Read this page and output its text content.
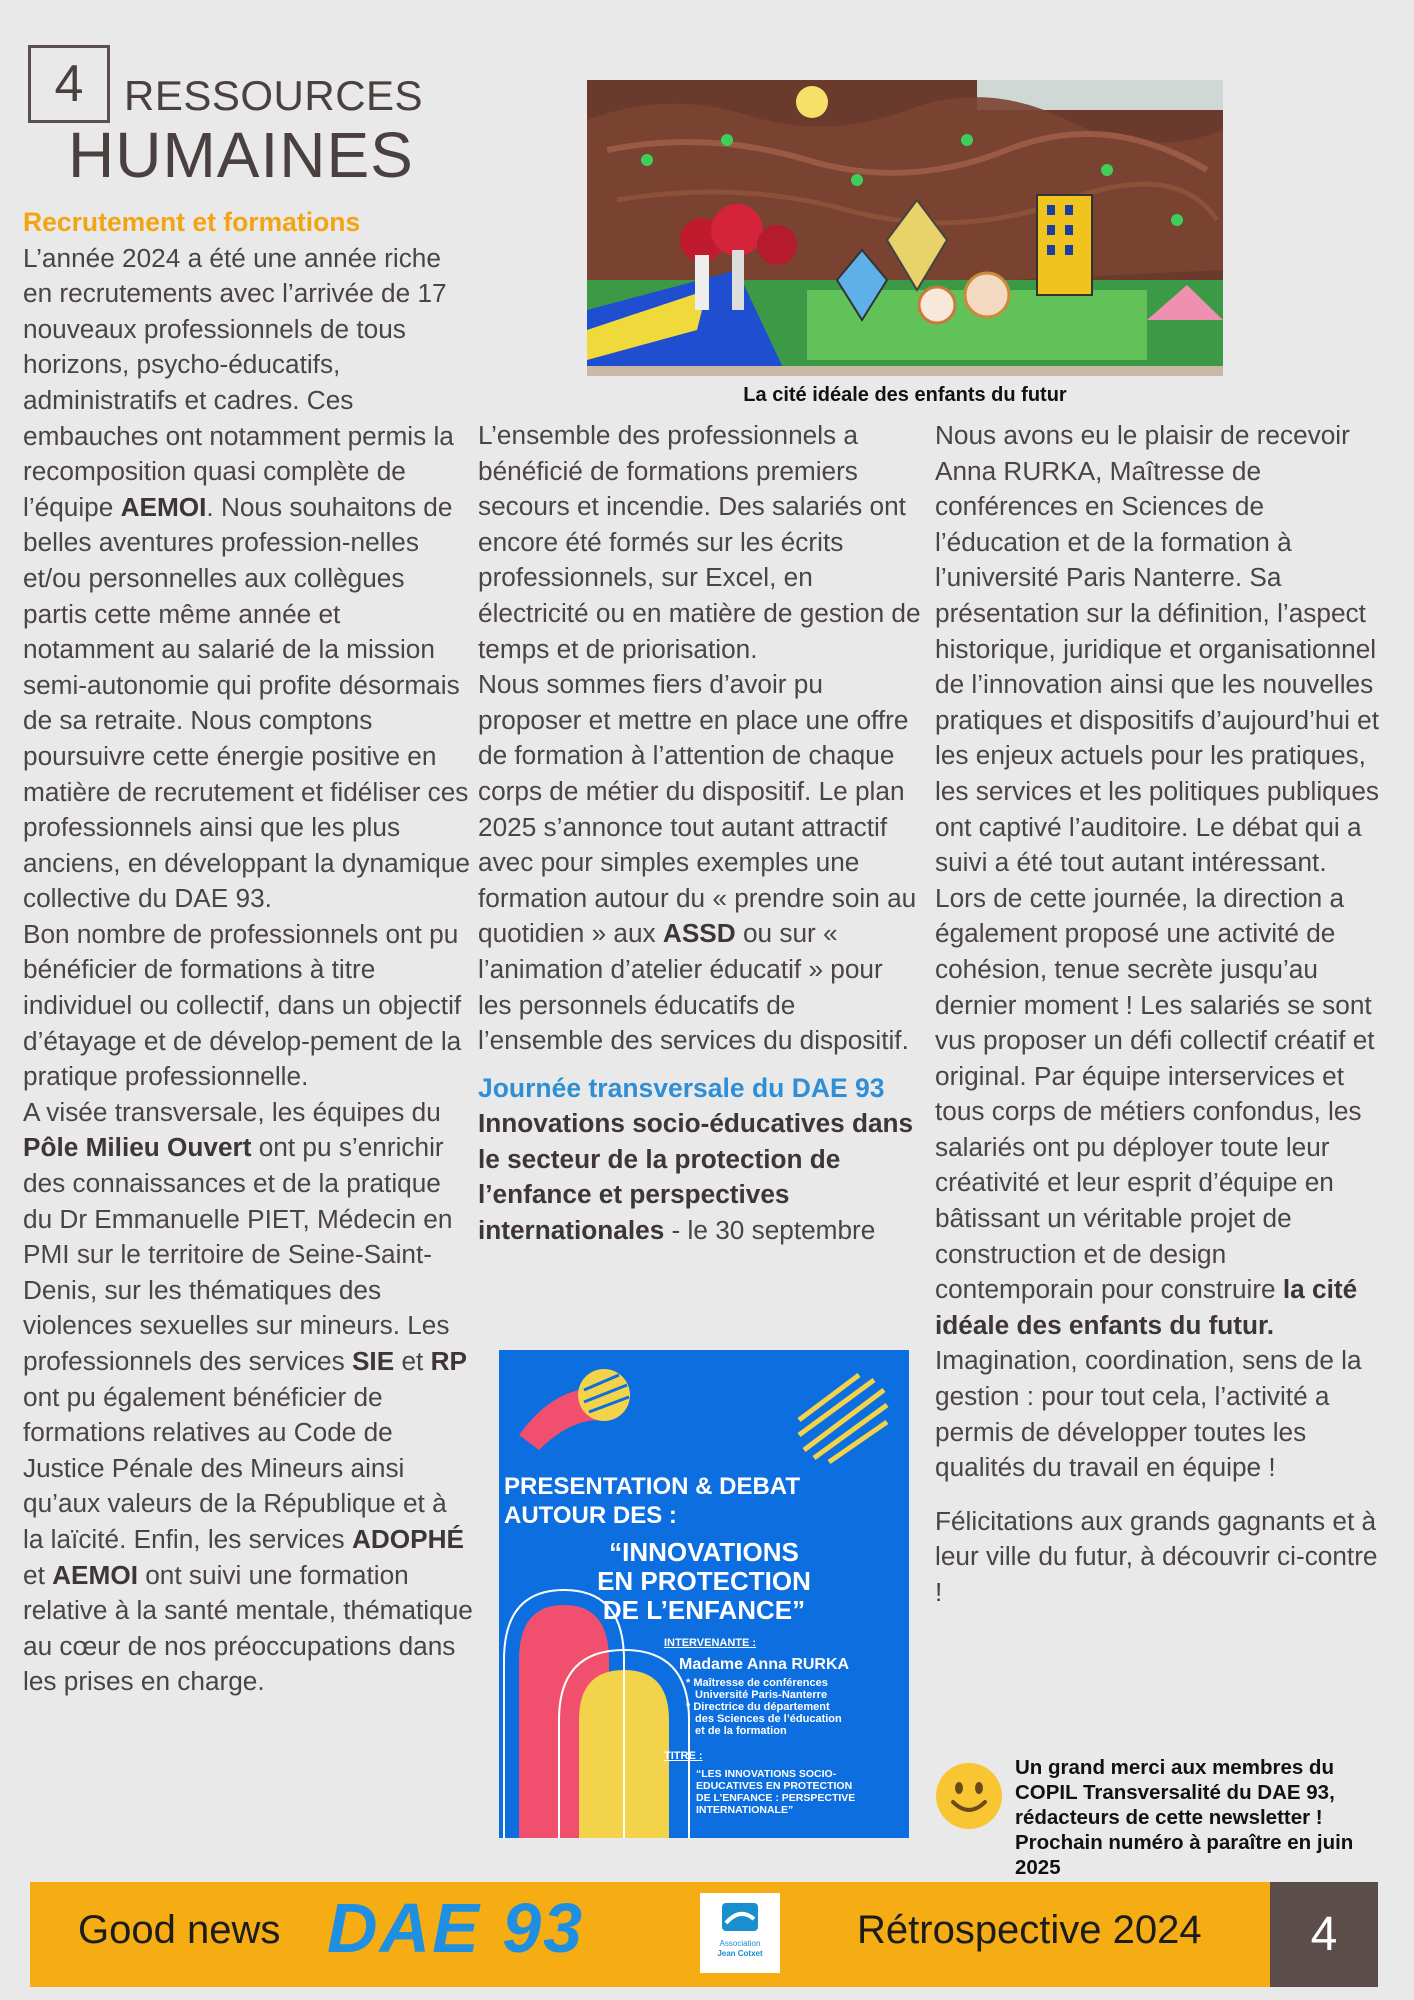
4 RESSOURCES
HUMAINES
Recrutement et formations
L’année 2024 a été une année riche en recrutements avec l’arrivée de 17 nouveaux professionnels de tous horizons, psycho-éducatifs, administratifs et cadres. Ces embauches ont notamment permis la recomposition quasi complète de l’équipe AEMOI. Nous souhaitons de belles aventures profession-nelles et/ou personnelles aux collègues partis cette même année et notamment au salarié de la mission semi-autonomie qui profite désormais de sa retraite. Nous comptons poursuivre cette énergie positive en matière de recrutement et fidéliser ces professionnels ainsi que les plus anciens, en développant la dynamique collective du DAE 93.
Bon nombre de professionnels ont pu bénéficier de formations à titre individuel ou collectif, dans un objectif d’étayage et de dévelop-pement de la pratique professionnelle.
A visée transversale, les équipes du Pôle Milieu Ouvert ont pu s’enrichir des connaissances et de la pratique du Dr Emmanuelle PIET, Médecin en PMI sur le territoire de Seine-Saint-Denis, sur les thématiques des violences sexuelles sur mineurs. Les professionnels des services SIE et RP ont pu également bénéficier de formations relatives au Code de Justice Pénale des Mineurs ainsi qu’aux valeurs de la République et à la laïcité. Enfin, les services ADOPHÉ et AEMOI ont suivi une formation relative à la santé mentale, thématique au cœur de nos préoccupations dans les prises en charge.
La cité idéale des enfants du futur
L’ensemble des professionnels a bénéficié de formations premiers secours et incendie. Des salariés ont encore été formés sur les écrits professionnels, sur Excel, en électricité ou en matière de gestion de temps et de priorisation.
Nous sommes fiers d’avoir pu proposer et mettre en place une offre de formation à l’attention de chaque corps de métier du dispositif. Le plan 2025 s’annonce tout autant attractif avec pour simples exemples une formation autour du « prendre soin au quotidien » aux ASSD ou sur « l’animation d’atelier éducatif » pour les personnels éducatifs de l’ensemble des services du dispositif.
Journée transversale du DAE 93
Innovations socio-éducatives dans le secteur de la protection de l’enfance et perspectives internationales - le 30 septembre
PRESENTATION & DEBAT
AUTOUR DES :
“INNOVATIONS
EN PROTECTION
DE L’ENFANCE”
INTERVENANTE :
Madame Anna RURKA
* Maîtresse de conférences
Université Paris-Nanterre
* Directrice du département
des Sciences de l’éducation
et de la formation
TITRE :
“LES INNOVATIONS SOCIO-
EDUCATIVES EN PROTECTION
DE L’ENFANCE : PERSPECTIVE
INTERNATIONALE”
Nous avons eu le plaisir de recevoir Anna RURKA, Maîtresse de conférences en Sciences de l’éducation et de la formation à l’université Paris Nanterre. Sa présentation sur la définition, l’aspect historique, juridique et organisationnel de l’innovation ainsi que les nouvelles pratiques et dispositifs d’aujourd’hui et les enjeux actuels pour les pratiques, les services et les politiques publiques ont captivé l’auditoire. Le débat qui a suivi a été tout autant intéressant.
Lors de cette journée, la direction a également proposé une activité de cohésion, tenue secrète jusqu’au dernier moment ! Les salariés se sont vus proposer un défi collectif créatif et original. Par équipe interservices et tous corps de métiers confondus, les salariés ont pu déployer toute leur créativité et leur esprit d’équipe en bâtissant un véritable projet de construction et de design contemporain pour construire la cité idéale des enfants du futur. Imagination, coordination, sens de la gestion : pour tout cela, l’activité a permis de développer toutes les qualités du travail en équipe !
Félicitations aux grands gagnants et à leur ville du futur, à découvrir ci-contre !
Un grand merci aux membres du COPIL Transversalité du DAE 93, rédacteurs de cette newsletter ! Prochain numéro à paraître en juin 2025
Good news DAE 93	Association
Jean Cotxet
Rétrospective 2024	4
